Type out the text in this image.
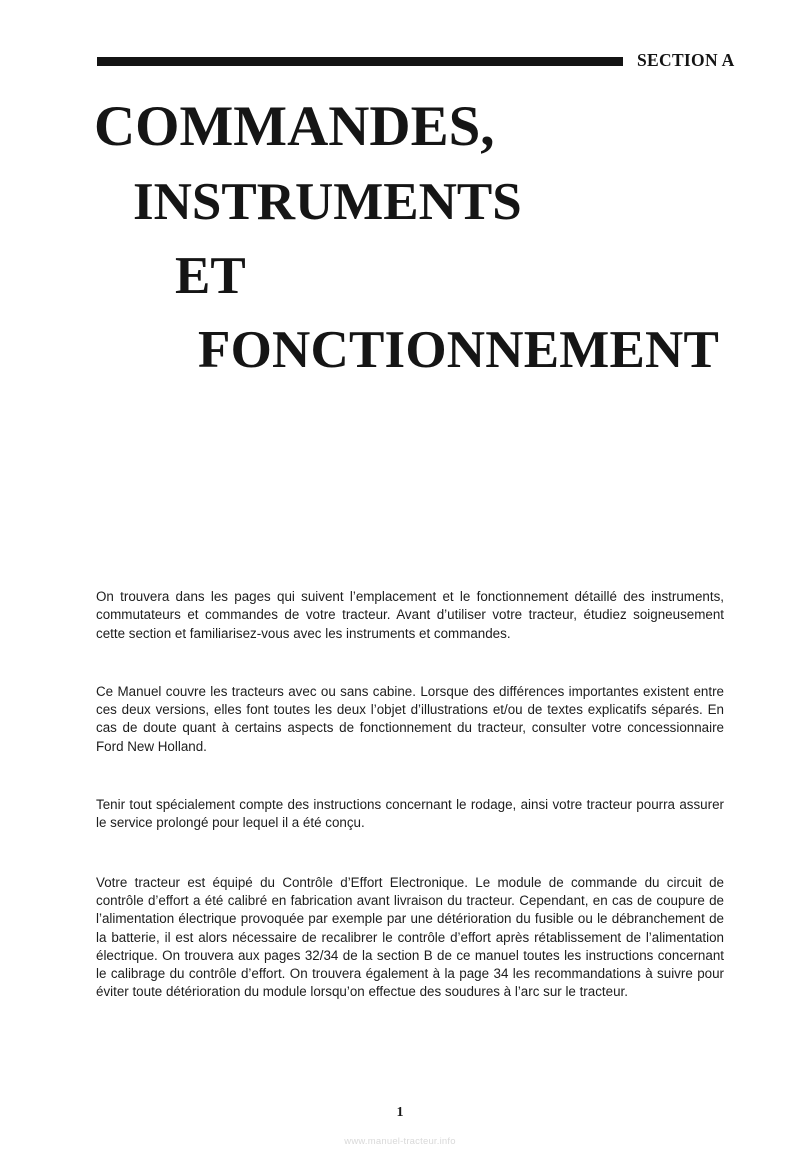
SECTION A
COMMANDES,
INSTRUMENTS
ET
FONCTIONNEMENT

On trouvera dans les pages qui suivent l’emplacement et le fonctionnement détaillé des instruments, commutateurs et commandes de votre tracteur. Avant d’utiliser votre tracteur, étudiez soigneusement cette section et familiarisez-vous avec les instruments et commandes.

Ce Manuel couvre les tracteurs avec ou sans cabine. Lorsque des différences importantes existent entre ces deux versions, elles font toutes les deux l’objet d’illustrations et/ou de textes explicatifs séparés. En cas de doute quant à certains aspects de fonctionnement du tracteur, consulter votre concessionnaire Ford New Holland.

Tenir tout spécialement compte des instructions concernant le rodage, ainsi votre tracteur pourra assurer le service prolongé pour lequel il a été conçu.

Votre tracteur est équipé du Contrôle d’Effort Electronique. Le module de commande du circuit de contrôle d’effort a été calibré en fabrication avant livraison du tracteur. Cependant, en cas de coupure de l’alimentation électrique provoquée par exemple par une détérioration du fusible ou le débranchement de la batterie, il est alors nécessaire de recalibrer le contrôle d’effort après rétablissement de l’alimentation électrique. On trouvera aux pages 32/34 de la section B de ce manuel toutes les instructions concernant le calibrage du contrôle d’effort. On trouvera également à la page 34 les recommandations à suivre pour éviter toute détérioration du module lorsqu’on effectue des soudures à l’arc sur le tracteur.

1
www.manuel-tracteur.info
